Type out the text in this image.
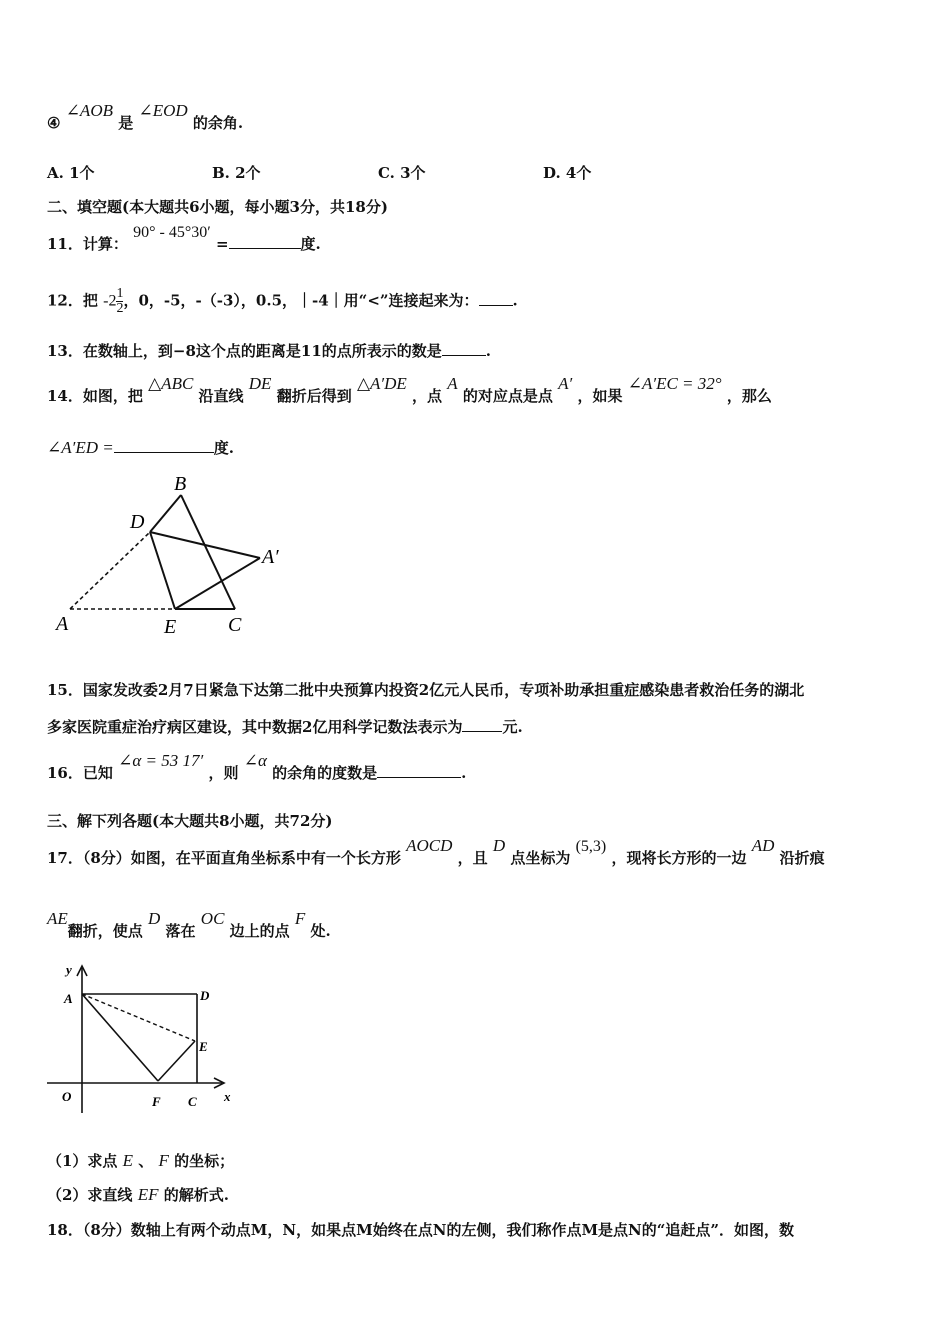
④ ∠AOB 是 ∠EOD 的余角.
A. 1个	B. 2个	C. 3个	D. 4个
二、填空题(本大题共6小题，每小题3分，共18分)
11．计算： 90° - 45°30′ =	度.
12．把 $-2 \frac{1}{2}$ ，0，-5，-（-3），0.5，｜-4｜用“<”连接起来为： .
13．在数轴上，到−8这个点的距离是11的点所表示的数是	.
14．如图，把 △ABC 沿直线 DE 翻折后得到 △A′DE ，点 A 的对应点是点 A′ ，如果 ∠A′EC = 32° ，那么
∠A′ED =	度.
B
D
A′
A	E	C
15．国家发改委2月7日紧急下达第二批中央预算内投资2亿元人民币，专项补助承担重症感染患者救治任务的湖北
多家医院重症治疗病区建设，其中数据2亿用科学记数法表示为	元.
16．已知 ∠α = 53 17′ ，则 ∠α 的余角的度数是	.
三、解下列各题(本大题共8小题，共72分)
17．（8分）如图，在平面直角坐标系中有一个长方形 AOCD ，且 D 点坐标为 (5,3) ，现将长方形的一边 AD 沿折痕
AE翻折，使点 D 落在 OC 边上的点 F 处.
y
A	D
E
O	F C x
（1）求点 E 、 F 的坐标；
（2）求直线 EF 的解析式.
18．（8分）数轴上有两个动点M，N，如果点M始终在点N的左侧，我们称作点M是点N的“追赶点”．如图，数
